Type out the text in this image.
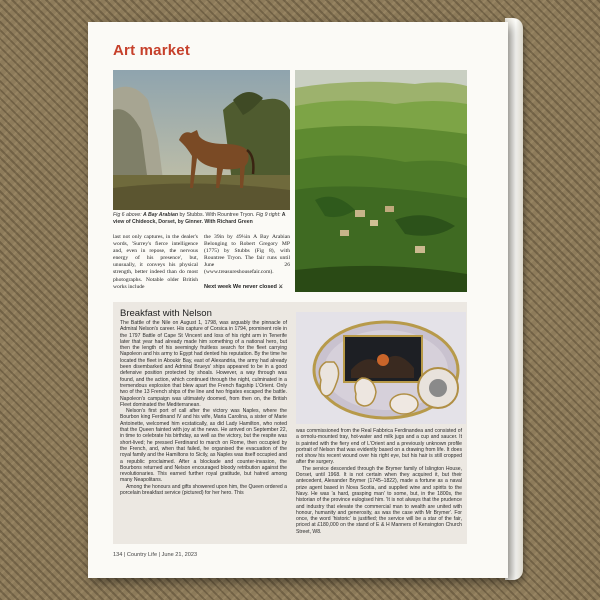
Art market
Fig 6 above: A Bay Arabian by Stubbs. With Rountree Tryon. Fig 9 right: A view of Chideock, Dorset, by Ginner. With Richard Green
last not only captures, in the dealer's words, 'Surrey's fierce intelligence and, even in repose, the nervous energy of his presence', but, unusually, it conveys his physical strength, better indeed than do most photographs. Notable older British works include
the 39in by 49¼in A Bay Arabian Belonging to Robert Gregory MP (1775) by Stubbs (Fig 8), with Rountree Tryon. The fair runs until June 26 (www.treasureshousefair.com).
Next week We never closed ⚔
Breakfast with Nelson

The Battle of the Nile on August 1, 1798, was arguably the pinnacle of Admiral Nelson's career. His capture of Corsica in 1794, prominent role in the 1797 Battle of Cape St Vincent and loss of his right arm in Tenerife later that year had already made him something of a national hero, but then the length of his seemingly fruitless search for the fleet carrying Napoleon and his army to Egypt had dented his reputation. By the time he located the fleet in Aboukir Bay, east of Alexandria, the army had already been disembarked and Admiral Brueys' ships appeared to be in a good defensive position protected by shoals. However, a way through was found, and the action, which continued through the night, culminated in a tremendous explosion that blew apart the French flagship L'Orient. Only two of the 13 French ships of the line and two frigates escaped the battle. Napoleon's campaign was ultimately doomed, from then on, the British Fleet dominated the Mediterranean.

Nelson's first port of call after the victory was Naples, where the Bourbon king Ferdinand IV and his wife, Maria Carolina, a sister of Marie Antoinette, welcomed him ecstatically, as did Lady Hamilton, who noted that the Queen fainted with joy at the news. He arrived on September 22, in time to celebrate his birthday, as well as the victory, but the respite was short-lived; he pressed Ferdinand to march on Rome, then occupied by the French, and, when that failed, he organised the evacuation of the royal family and the Hamiltons to Sicily, as Naples was itself occupied and a republic proclaimed. After a blockade and counter-invasion, the Bourbons returned and Nelson encouraged bloody retribution against the revolutionaries. This earned further royal gratitude, but hatred among many Neapolitans.

Among the honours and gifts showered upon him, the Queen ordered a porcelain breakfast service (pictured) for her hero. This

was commissioned from the Real Fabbrica Ferdinandea and consisted of a ormolu-mounted tray, hot-water and milk jugs and a cup and saucer. It is painted with the fiery end of L'Orient and a previously unknown profile portrait of Nelson that was evidently based on a drawing from life. It does not show his recent wound over his right eye, but his hair is still cropped after the surgery.

The service descended through the Brymer family of Islington House, Dorset, until 1968. It is not certain when they acquired it, but their antecedent, Alexander Brymer (1745–1822), made a fortune as a naval prize agent based in Nova Scotia, and supplied wine and spirits to the Navy. He was 'a hard, grasping man' to some, but, in the 1800s, the historian of the province eulogised him. 'It is not always that the prudence and industry that elevate the commercial man to wealth are united with honour, humanity and generosity, as was the case with Mr Brymer'. For once, the word 'historic' is justified; the service will be a star of the fair, priced at £180,000 on the stand of E & H Manners of Kensington Church Street, W8.

134 | Country Life | June 21, 2023
